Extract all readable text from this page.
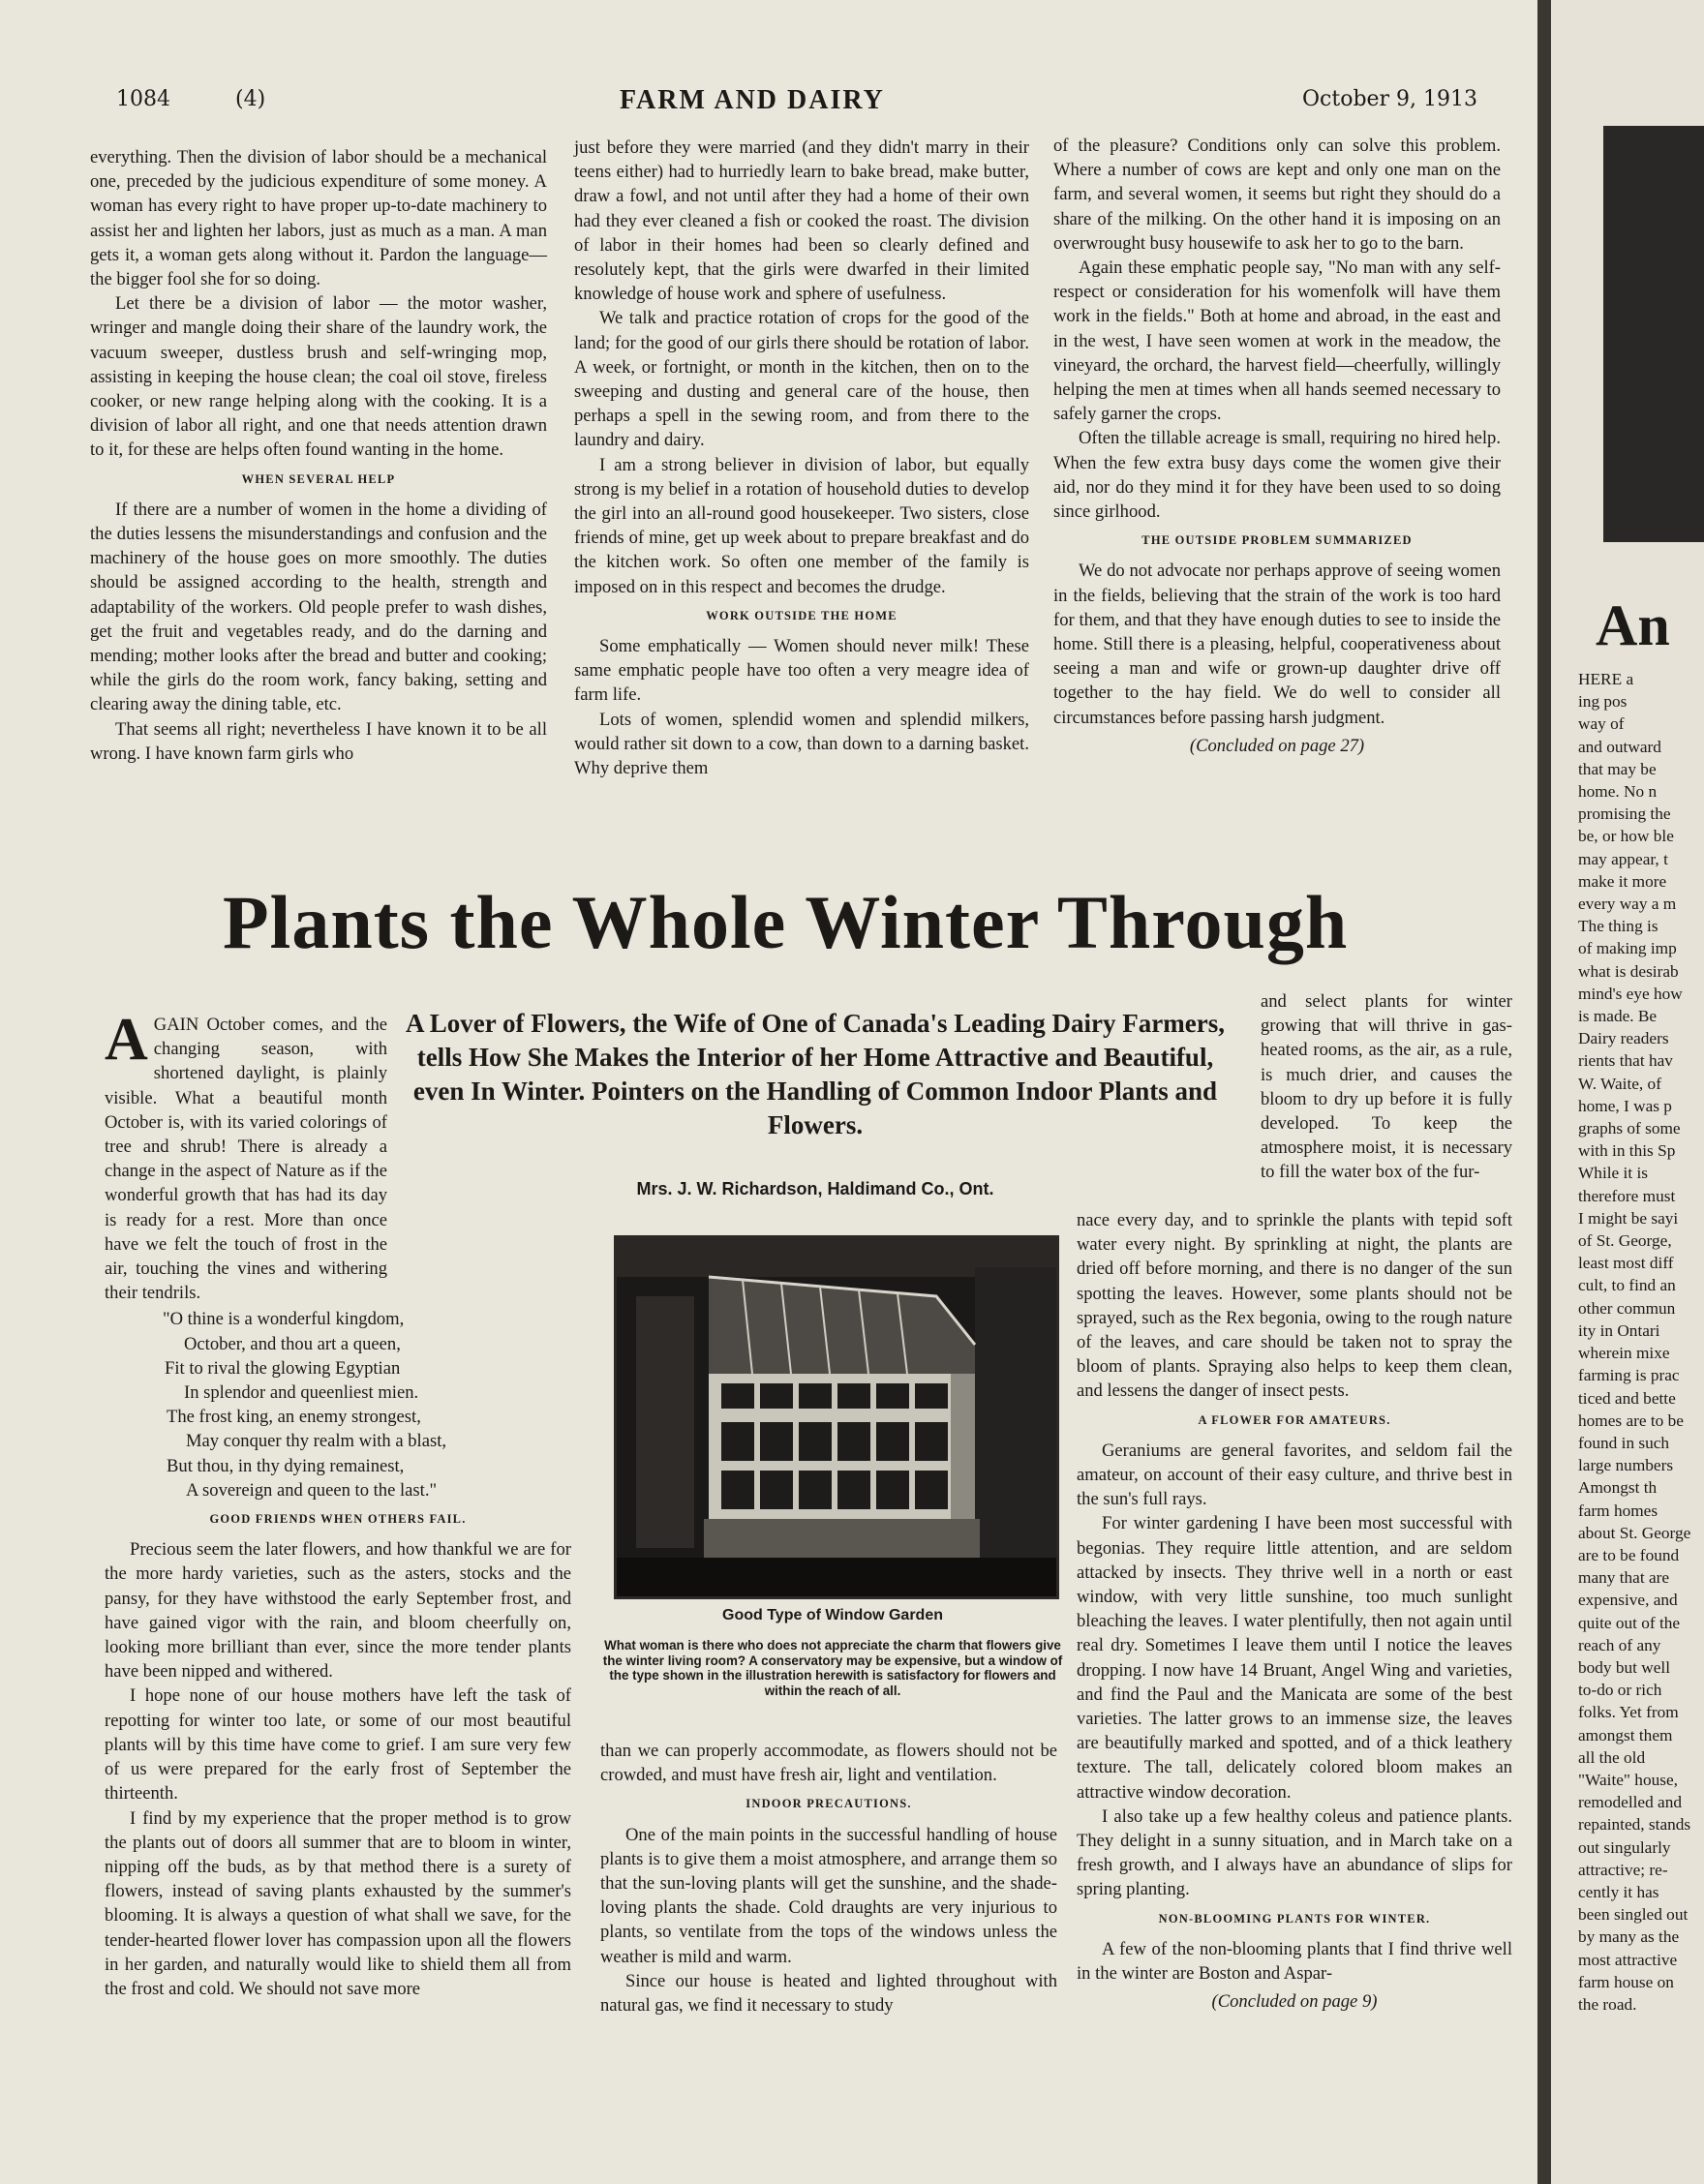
1084	(4)	FARM AND DAIRY	October 9, 1913

everything. Then the division of labor should be a mechanical one, preceded by the judicious expenditure of some money. A woman has every right to have proper up-to-date machinery to assist her and lighten her labors, just as much as a man. A man gets it, a woman gets along without it. Pardon the language—the bigger fool she for so doing.

Let there be a division of labor — the motor washer, wringer and mangle doing their share of the laundry work, the vacuum sweeper, dustless brush and self-wringing mop, assisting in keeping the house clean; the coal oil stove, fireless cooker, or new range helping along with the cooking. It is a division of labor all right, and one that needs attention drawn to it, for these are helps often found wanting in the home.

WHEN SEVERAL HELP

If there are a number of women in the home a dividing of the duties lessens the misunderstandings and confusion and the machinery of the house goes on more smoothly. The duties should be assigned according to the health, strength and adaptability of the workers. Old people prefer to wash dishes, get the fruit and vegetables ready, and do the darning and mending; mother looks after the bread and butter and cooking; while the girls do the room work, fancy baking, setting and clearing away the dining table, etc.

That seems all right; nevertheless I have known it to be all wrong. I have known farm girls who

just before they were married (and they didn't marry in their teens either) had to hurriedly learn to bake bread, make butter, draw a fowl, and not until after they had a home of their own had they ever cleaned a fish or cooked the roast. The division of labor in their homes had been so clearly defined and resolutely kept, that the girls were dwarfed in their limited knowledge of house work and sphere of usefulness.

We talk and practice rotation of crops for the good of the land; for the good of our girls there should be rotation of labor. A week, or fortnight, or month in the kitchen, then on to the sweeping and dusting and general care of the house, then perhaps a spell in the sewing room, and from there to the laundry and dairy.

I am a strong believer in division of labor, but equally strong is my belief in a rotation of household duties to develop the girl into an all-round good housekeeper. Two sisters, close friends of mine, get up week about to prepare breakfast and do the kitchen work. So often one member of the family is imposed on in this respect and becomes the drudge.

WORK OUTSIDE THE HOME

Some emphatically — Women should never milk! These same emphatic people have too often a very meagre idea of farm life.

Lots of women, splendid women and splendid milkers, would rather sit down to a cow, than down to a darning basket. Why deprive them

of the pleasure? Conditions only can solve this problem. Where a number of cows are kept and only one man on the farm, and several women, it seems but right they should do a share of the milking. On the other hand it is imposing on an overwrought busy housewife to ask her to go to the barn.

Again these emphatic people say, "No man with any self-respect or consideration for his womenfolk will have them work in the fields." Both at home and abroad, in the east and in the west, I have seen women at work in the meadow, the vineyard, the orchard, the harvest field—cheerfully, willingly helping the men at times when all hands seemed necessary to safely garner the crops.

Often the tillable acreage is small, requiring no hired help. When the few extra busy days come the women give their aid, nor do they mind it for they have been used to so doing since girlhood.

THE OUTSIDE PROBLEM SUMMARIZED

We do not advocate nor perhaps approve of seeing women in the fields, believing that the strain of the work is too hard for them, and that they have enough duties to see to inside the home. Still there is a pleasing, helpful, cooperativeness about seeing a man and wife or grown-up daughter drive off together to the hay field. We do well to consider all circumstances before passing harsh judgment.

(Concluded on page 27)
Plants the Whole Winter Through
A Lover of Flowers, the Wife of One of Canada's Leading Dairy Farmers, tells How She Makes the Interior of her Home Attractive and Beautiful, even In Winter. Pointers on the Handling of Common Indoor Plants and Flowers.
Mrs. J. W. Richardson, Haldimand Co., Ont.
A GAIN October comes, and the changing season, with shortened daylight, is plainly visible. What a beautiful month October is, with its varied colorings of tree and shrub! There is already a change in the aspect of Nature as if the wonderful growth that has had its day is ready for a rest. More than once have we felt the touch of frost in the air, touching the vines and withering their tendrils.
"O thine is a wonderful kingdom,
October, and thou art a queen,
Fit to rival the glowing Egyptian
In splendor and queenliest mien.
The frost king, an enemy strongest,
May conquer thy realm with a blast,
But thou, in thy dying remainest,
A sovereign and queen to the last."
GOOD FRIENDS WHEN OTHERS FAIL.

Precious seem the later flowers, and how thankful we are for the more hardy varieties, such as the asters, stocks and the pansy, for they have withstood the early September frost, and have gained vigor with the rain, and bloom cheerfully on, looking more brilliant than ever, since the more tender plants have been nipped and withered.

I hope none of our house mothers have left the task of repotting for winter too late, or some of our most beautiful plants will by this time have come to grief. I am sure very few of us were prepared for the early frost of September the thirteenth.

I find by my experience that the proper method is to grow the plants out of doors all summer that are to bloom in winter, nipping off the buds, as by that method there is a surety of flowers, instead of saving plants exhausted by the summer's blooming. It is always a question of what shall we save, for the tender-hearted flower lover has compassion upon all the flowers in her garden, and naturally would like to shield them all from the frost and cold. We should not save more

Good Type of Window Garden
What woman is there who does not appreciate the charm that flowers give the winter living room? A conservatory may be expensive, but a window of the type shown in the illustration herewith is satisfactory for flowers and within the reach of all.

than we can properly accommodate, as flowers should not be crowded, and must have fresh air, light and ventilation.

INDOOR PRECAUTIONS.

One of the main points in the successful handling of house plants is to give them a moist atmosphere, and arrange them so that the sun-loving plants will get the sunshine, and the shade-loving plants the shade. Cold draughts are very injurious to plants, so ventilate from the tops of the windows unless the weather is mild and warm.

Since our house is heated and lighted throughout with natural gas, we find it necessary to study

and select plants for winter growing that will thrive in gas-heated rooms, as the air, as a rule, is much drier, and causes the bloom to dry up before it is fully developed. To keep the atmosphere moist, it is necessary to fill the water box of the fur-

nace every day, and to sprinkle the plants with tepid soft water every night. By sprinkling at night, the plants are dried off before morning, and there is no danger of the sun spotting the leaves. However, some plants should not be sprayed, such as the Rex begonia, owing to the rough nature of the leaves, and care should be taken not to spray the bloom of plants. Spraying also helps to keep them clean, and lessens the danger of insect pests.

A FLOWER FOR AMATEURS.

Geraniums are general favorites, and seldom fail the amateur, on account of their easy culture, and thrive best in the sun's full rays.

For winter gardening I have been most successful with begonias. They require little attention, and are seldom attacked by insects. They thrive well in a north or east window, with very little sunshine, too much sunlight bleaching the leaves. I water plentifully, then not again until real dry. Sometimes I leave them until I notice the leaves dropping. I now have 14 Bruant, Angel Wing and varieties, and find the Paul and the Manicata are some of the best varieties. The latter grows to an immense size, the leaves are beautifully marked and spotted, and of a thick leathery texture. The tall, delicately colored bloom makes an attractive window decoration.

I also take up a few healthy coleus and patience plants. They delight in a sunny situation, and in March take on a fresh growth, and I always have an abundance of slips for spring planting.

NON-BLOOMING PLANTS FOR WINTER.

A few of the non-blooming plants that I find thrive well in the winter are Boston and Aspar-

(Concluded on page 9)
An
HERE a
ing pos
way of
and outward
that may be
home. No n
promising the
be, or how ble
may appear, t
make it more
every way a m
The thing is
of making imp
what is desirab
mind's eye how
is made. Be
Dairy readers
rients that hav
W. Waite, of
home, I was p
graphs of some
with in this Sp
While it is
therefore must
I might be sayi
of St. George,
least most diff
cult, to find an
other commun
ity in Ontari
wherein mixe
farming is prac
ticed and bette
homes are to be
found in such
large numbers
Amongst th
farm homes
about St. George
are to be found
many that are
expensive, and
quite out of the
reach of any
body but well
to-do or rich
folks. Yet from
amongst them
all the old
"Waite" house,
remodelled and
repainted, stands
out singularly
attractive; re-
cently it has
been singled out
by many as the
most attractive
farm house on
the road.
